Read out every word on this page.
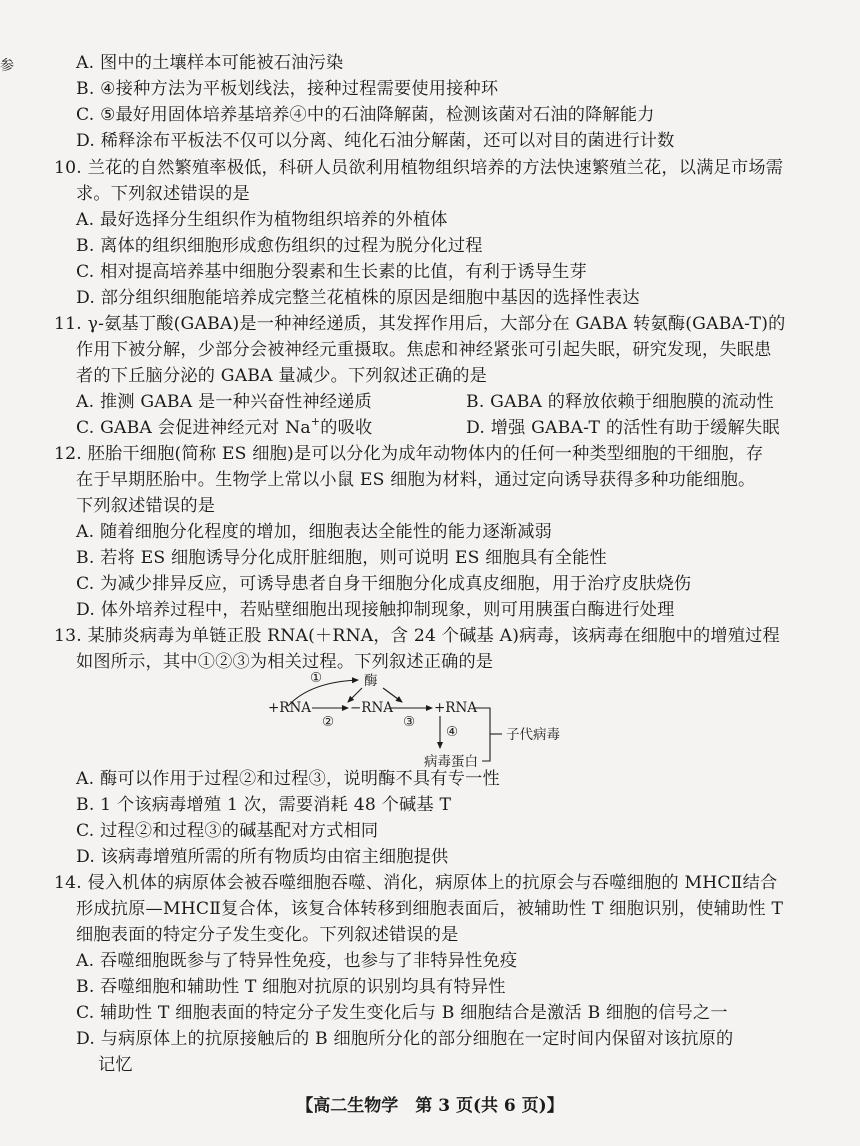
参	A. 图中的土壤样本可能被石油污染
B. ④接种方法为平板划线法，接种过程需要使用接种环
C. ⑤最好用固体培养基培养④中的石油降解菌，检测该菌对石油的降解能力
D. 稀释涂布平板法不仅可以分离、纯化石油分解菌，还可以对目的菌进行计数
10. 兰花的自然繁殖率极低，科研人员欲利用植物组织培养的方法快速繁殖兰花，以满足市场需
求。下列叙述错误的是
A. 最好选择分生组织作为植物组织培养的外植体
B. 离体的组织细胞形成愈伤组织的过程为脱分化过程
C. 相对提高培养基中细胞分裂素和生长素的比值，有利于诱导生芽
D. 部分组织细胞能培养成完整兰花植株的原因是细胞中基因的选择性表达
11. γ-氨基丁酸(GABA)是一种神经递质，其发挥作用后，大部分在 GABA 转氨酶(GABA-T)的
作用下被分解，少部分会被神经元重摄取。焦虑和神经紧张可引起失眠，研究发现，失眠患
者的下丘脑分泌的 GABA 量减少。下列叙述正确的是
A. 推测 GABA 是一种兴奋性神经递质	B. GABA 的释放依赖于细胞膜的流动性
C. GABA 会促进神经元对 Na+的吸收	D. 增强 GABA-T 的活性有助于缓解失眠
12. 胚胎干细胞(简称 ES 细胞)是可以分化为成年动物体内的任何一种类型细胞的干细胞，存
在于早期胚胎中。生物学上常以小鼠 ES 细胞为材料，通过定向诱导获得多种功能细胞。
下列叙述错误的是
A. 随着细胞分化程度的增加，细胞表达全能性的能力逐渐减弱
B. 若将 ES 细胞诱导分化成肝脏细胞，则可说明 ES 细胞具有全能性
C. 为减少排异反应，可诱导患者自身干细胞分化成真皮细胞，用于治疗皮肤烧伤
D. 体外培养过程中，若贴壁细胞出现接触抑制现象，则可用胰蛋白酶进行处理
13. 某肺炎病毒为单链正股 RNA(＋RNA，含 24 个碱基 A)病毒，该病毒在细胞中的增殖过程
如图所示，其中①②③为相关过程。下列叙述正确的是
①	酶
+RNA
②
−RNA
③
+RNA
④
病毒蛋白
子代病毒
A. 酶可以作用于过程②和过程③，说明酶不具有专一性
B. 1 个该病毒增殖 1 次，需要消耗 48 个碱基 T
C. 过程②和过程③的碱基配对方式相同
D. 该病毒增殖所需的所有物质均由宿主细胞提供
14. 侵入机体的病原体会被吞噬细胞吞噬、消化，病原体上的抗原会与吞噬细胞的 MHCⅡ结合
形成抗原—MHCⅡ复合体，该复合体转移到细胞表面后，被辅助性 T 细胞识别，使辅助性 T
细胞表面的特定分子发生变化。下列叙述错误的是
A. 吞噬细胞既参与了特异性免疫，也参与了非特异性免疫
B. 吞噬细胞和辅助性 T 细胞对抗原的识别均具有特异性
C. 辅助性 T 细胞表面的特定分子发生变化后与 B 细胞结合是激活 B 细胞的信号之一
D. 与病原体上的抗原接触后的 B 细胞所分化的部分细胞在一定时间内保留对该抗原的
记忆
【高二生物学　第 3 页(共 6 页)】
